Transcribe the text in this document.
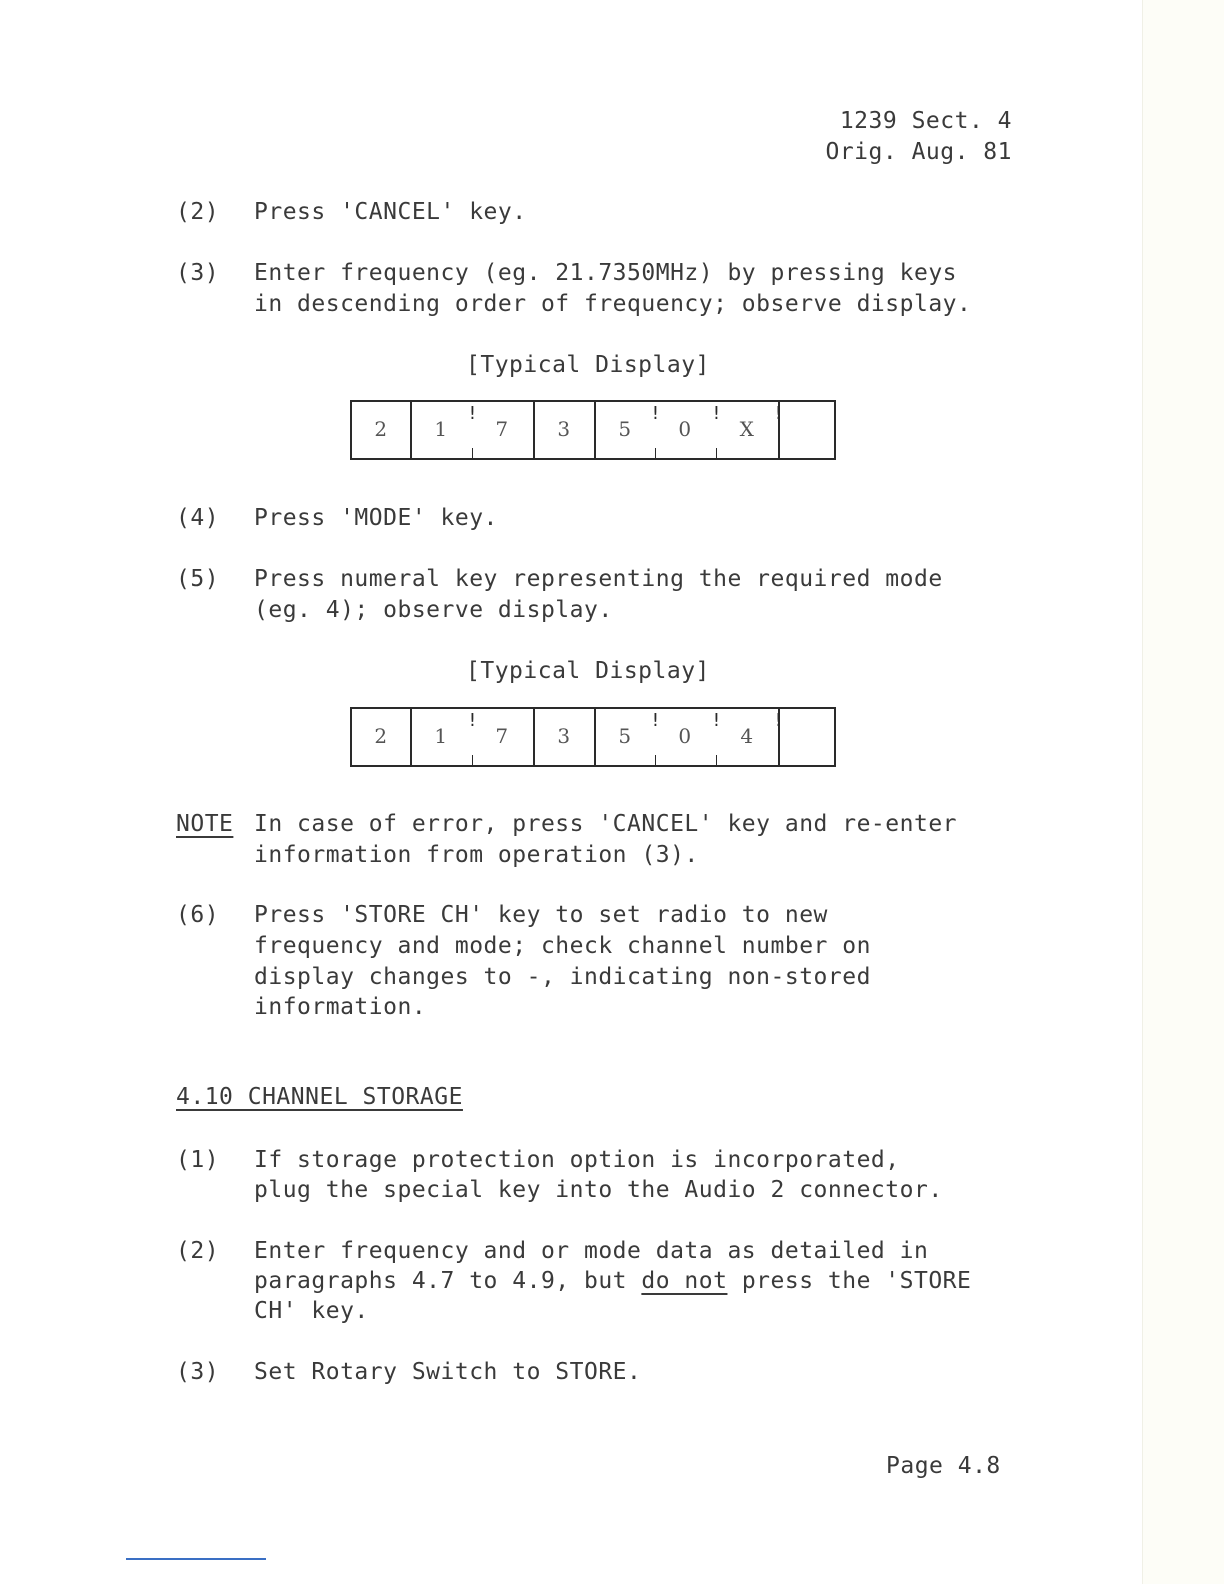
1239 Sect. 4
Orig. Aug. 81
(2) Press 'CANCEL' key.
(3) Enter frequency (eg. 21.7350MHz) by pressing keys
in descending order of frequency; observe display.
[Typical Display]
!	!	!	!
2	1	7	3	5	0	X
(4) Press 'MODE' key.
(5) Press numeral key representing the required mode
(eg. 4); observe display.
[Typical Display]
!	!	!	!
2	1	7	3	5	0	4
NOTE In case of error, press 'CANCEL' key and re-enter
information from operation (3).
(6) Press 'STORE CH' key to set radio to new
frequency and mode; check channel number on
display changes to -, indicating non-stored
information.
4.10 CHANNEL STORAGE
(1) If storage protection option is incorporated,
plug the special key into the Audio 2 connector.
(2) Enter frequency and or mode data as detailed in
paragraphs 4.7 to 4.9, but do not press the 'STORE
CH' key.
(3) Set Rotary Switch to STORE.
Page 4.8
